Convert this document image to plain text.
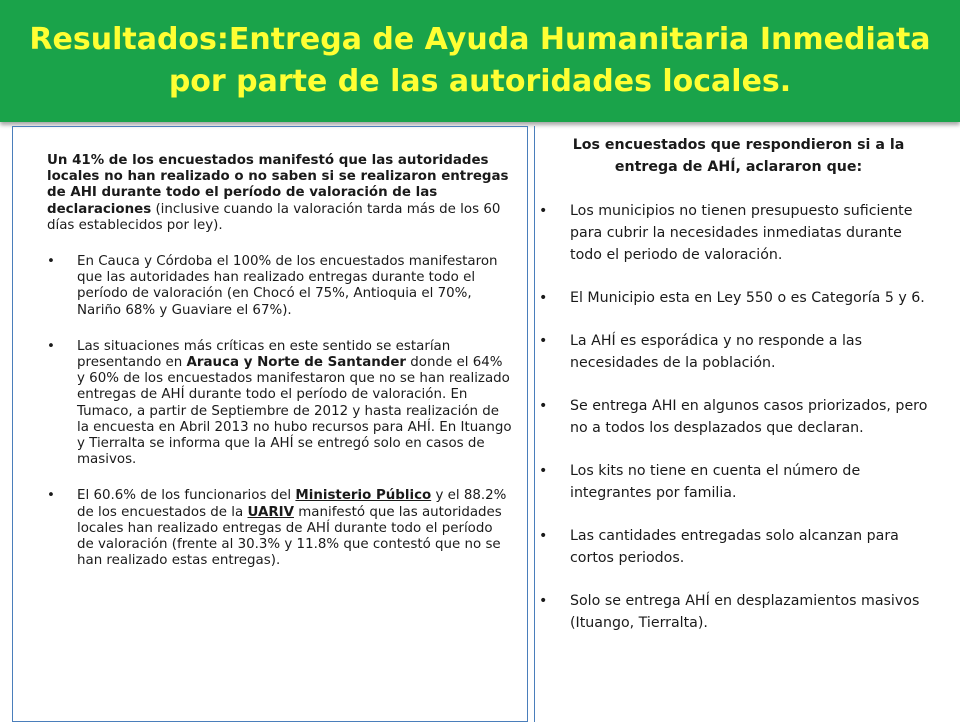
Resultados:Entrega de Ayuda Humanitaria Inmediata por parte de las autoridades locales.

Un 41% de los encuestados manifestó que las autoridades locales no han realizado o no saben si se realizaron entregas de AHI durante todo el período de valoración de las declaraciones (inclusive cuando la valoración tarda más de los 60 días establecidos por ley).

• En Cauca y Córdoba el 100% de los encuestados manifestaron que las autoridades han realizado entregas durante todo el período de valoración (en Chocó el 75%, Antioquia el 70%, Nariño 68% y Guaviare el 67%).
• Las situaciones más críticas en este sentido se estarían presentando en Arauca y Norte de Santander donde el 64% y 60% de los encuestados manifestaron que no se han realizado entregas de AHÍ durante todo el período de valoración. En Tumaco, a partir de Septiembre de 2012 y hasta realización de la encuesta en Abril 2013 no hubo recursos para AHÍ. En Ituango y Tierralta se informa que la AHÍ se entregó solo en casos de masivos.
• El 60.6% de los funcionarios del Ministerio Público y el 88.2% de los encuestados de la UARIV manifestó que las autoridades locales han realizado entregas de AHÍ durante todo el período de valoración (frente al 30.3% y 11.8% que contestó que no se han realizado estas entregas).

Los encuestados que respondieron si a la entrega de AHÍ, aclararon que:

• Los municipios no tienen presupuesto suficiente para cubrir la necesidades inmediatas durante todo el periodo de valoración.
• El Municipio esta en Ley 550 o es Categoría 5 y 6.
• La AHÍ es esporádica y no responde a las necesidades de la población.
• Se entrega AHI en algunos casos priorizados, pero no a todos los desplazados que declaran.
• Los kits no tiene en cuenta el número de integrantes por familia.
• Las cantidades entregadas solo alcanzan para cortos periodos.
• Solo se entrega AHÍ en desplazamientos masivos (Ituango, Tierralta).
